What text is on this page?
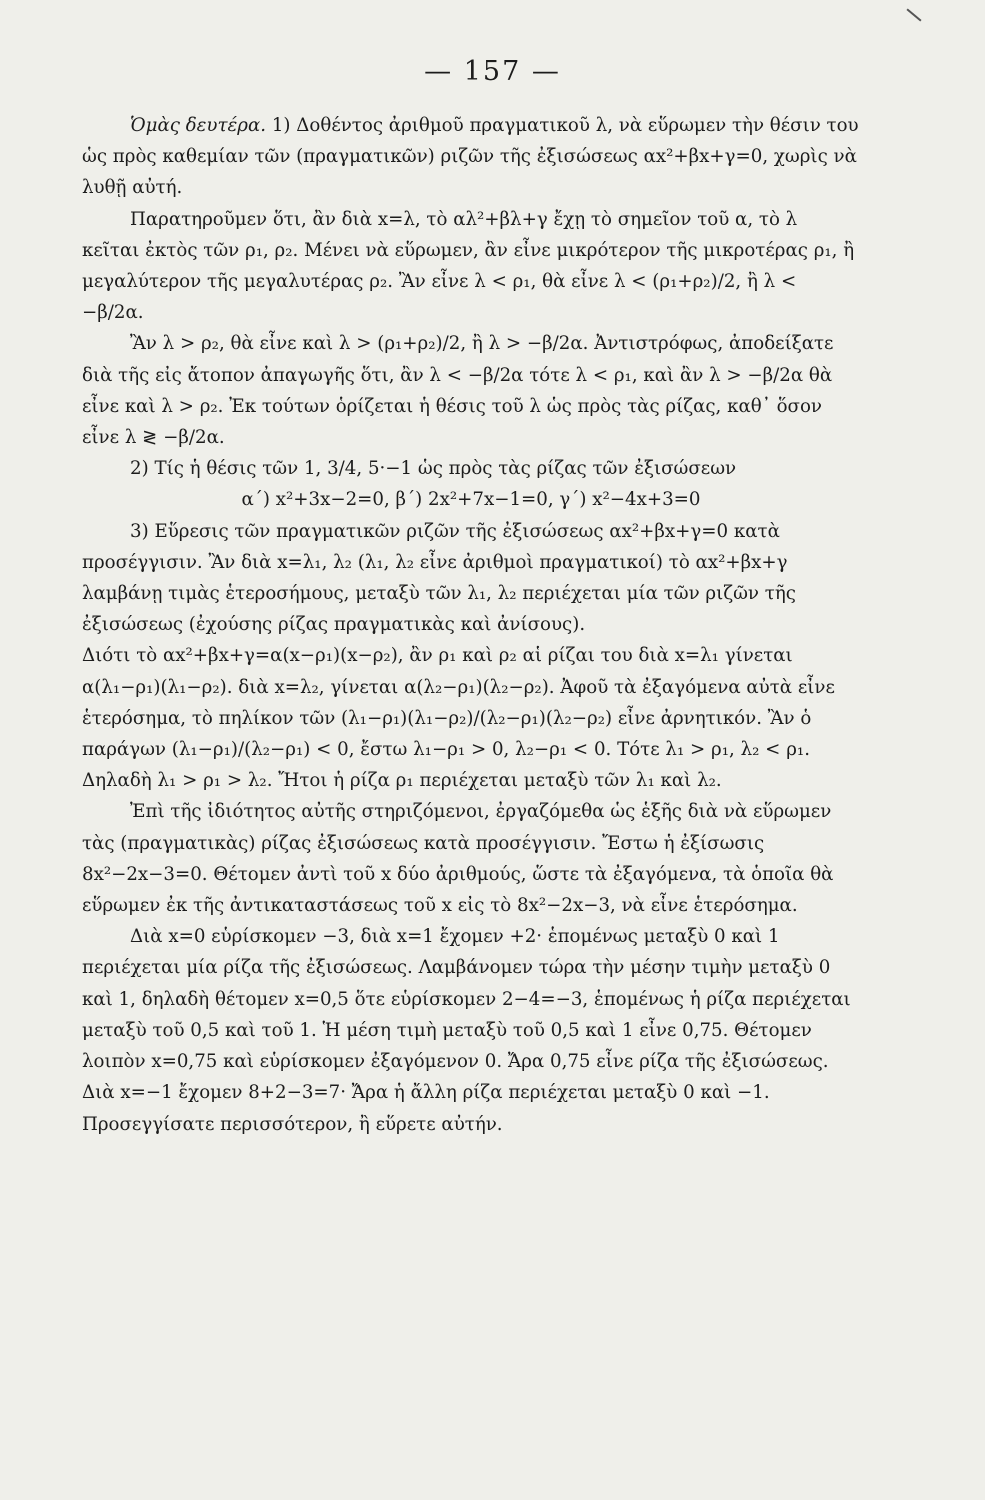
— 157 —

Ὁμὰς δευτέρα. 1) Δοθέντος ἀριθμοῦ πραγματικοῦ λ, νὰ εὕρωμεν τὴν θέσιν του ὡς πρὸς καθεμίαν τῶν (πραγματικῶν) ριζῶν τῆς ἐξισώσεως αx²+βx+γ=0, χωρὶς νὰ λυθῇ αὐτή.

Παρατηροῦμεν ὅτι, ἂν διὰ x=λ, τὸ αλ²+βλ+γ ἔχῃ τὸ σημεῖον τοῦ α, τὸ λ κεῖται ἐκτὸς τῶν ρ₁, ρ₂. Μένει νὰ εὕρωμεν, ἂν εἶνε μικρότερον τῆς μικροτέρας ρ₁, ἢ μεγαλύτερον τῆς μεγαλυτέρας ρ₂. Ἂν εἶνε λ < ρ₁, θὰ εἶνε λ < (ρ₁+ρ₂)/2, ἢ λ < −β/2α.

Ἂν λ > ρ₂, θὰ εἶνε καὶ λ > (ρ₁+ρ₂)/2, ἢ λ > −β/2α. Ἀντιστρόφως, ἀποδείξατε διὰ τῆς εἰς ἄτοπον ἀπαγωγῆς ὅτι, ἂν λ < −β/2α τότε λ < ρ₁, καὶ ἂν λ > −β/2α θὰ εἶνε καὶ λ > ρ₂. Ἐκ τούτων ὁρίζεται ἡ θέσις τοῦ λ ὡς πρὸς τὰς ρίζας, καθ᾽ ὅσον εἶνε λ ≷ −β/2α.

2) Τίς ἡ θέσις τῶν 1, 3/4, 5·−1 ὡς πρὸς τὰς ρίζας τῶν ἐξισώσεων

α΄) x²+3x−2=0, β΄) 2x²+7x−1=0, γ΄) x²−4x+3=0

3) Εὕρεσις τῶν πραγματικῶν ριζῶν τῆς ἐξισώσεως αx²+βx+γ=0 κατὰ προσέγγισιν. Ἂν διὰ x=λ₁, λ₂ (λ₁, λ₂ εἶνε ἀριθμοὶ πραγματικοί) τὸ αx²+βx+γ λαμβάνῃ τιμὰς ἑτεροσήμους, μεταξὺ τῶν λ₁, λ₂ περιέχεται μία τῶν ριζῶν τῆς ἐξισώσεως (ἐχούσης ρίζας πραγματικὰς καὶ ἀνίσους).

Διότι τὸ αx²+βx+γ=α(x−ρ₁)(x−ρ₂), ἂν ρ₁ καὶ ρ₂ αἱ ρίζαι του διὰ x=λ₁ γίνεται α(λ₁−ρ₁)(λ₁−ρ₂). διὰ x=λ₂, γίνεται α(λ₂−ρ₁)(λ₂−ρ₂). Ἀφοῦ τὰ ἐξαγόμενα αὐτὰ εἶνε ἑτερόσημα, τὸ πηλίκον τῶν (λ₁−ρ₁)(λ₁−ρ₂)/(λ₂−ρ₁)(λ₂−ρ₂) εἶνε ἀρνητικόν. Ἂν ὁ παράγων (λ₁−ρ₁)/(λ₂−ρ₁) < 0, ἔστω λ₁−ρ₁ > 0, λ₂−ρ₁ < 0. Τότε λ₁ > ρ₁, λ₂ < ρ₁. Δηλαδὴ λ₁ > ρ₁ > λ₂. Ἤτοι ἡ ρίζα ρ₁ περιέχεται μεταξὺ τῶν λ₁ καὶ λ₂.

Ἐπὶ τῆς ἰδιότητος αὐτῆς στηριζόμενοι, ἐργαζόμεθα ὡς ἑξῆς διὰ νὰ εὕρωμεν τὰς (πραγματικὰς) ρίζας ἐξισώσεως κατὰ προσέγγισιν. Ἔστω ἡ ἐξίσωσις 8x²−2x−3=0. Θέτομεν ἀντὶ τοῦ x δύο ἀριθμούς, ὥστε τὰ ἐξαγόμενα, τὰ ὁποῖα θὰ εὕρωμεν ἐκ τῆς ἀντικαταστάσεως τοῦ x εἰς τὸ 8x²−2x−3, νὰ εἶνε ἑτερόσημα.

Διὰ x=0 εὑρίσκομεν −3, διὰ x=1 ἔχομεν +2· ἑπομένως μεταξὺ 0 καὶ 1 περιέχεται μία ρίζα τῆς ἐξισώσεως. Λαμβάνομεν τώρα τὴν μέσην τιμὴν μεταξὺ 0 καὶ 1, δηλαδὴ θέτομεν x=0,5 ὅτε εὑρίσκομεν 2−4=−3, ἑπομένως ἡ ρίζα περιέχεται μεταξὺ τοῦ 0,5 καὶ τοῦ 1. Ἡ μέση τιμὴ μεταξὺ τοῦ 0,5 καὶ 1 εἶνε 0,75. Θέτομεν λοιπὸν x=0,75 καὶ εὑρίσκομεν ἐξαγόμενον 0. Ἄρα 0,75 εἶνε ρίζα τῆς ἐξισώσεως. Διὰ x=−1 ἔχομεν 8+2−3=7· Ἄρα ἡ ἄλλη ρίζα περιέχεται μεταξὺ 0 καὶ −1. Προσεγγίσατε περισσότερον, ἢ εὕρετε αὐτήν.
